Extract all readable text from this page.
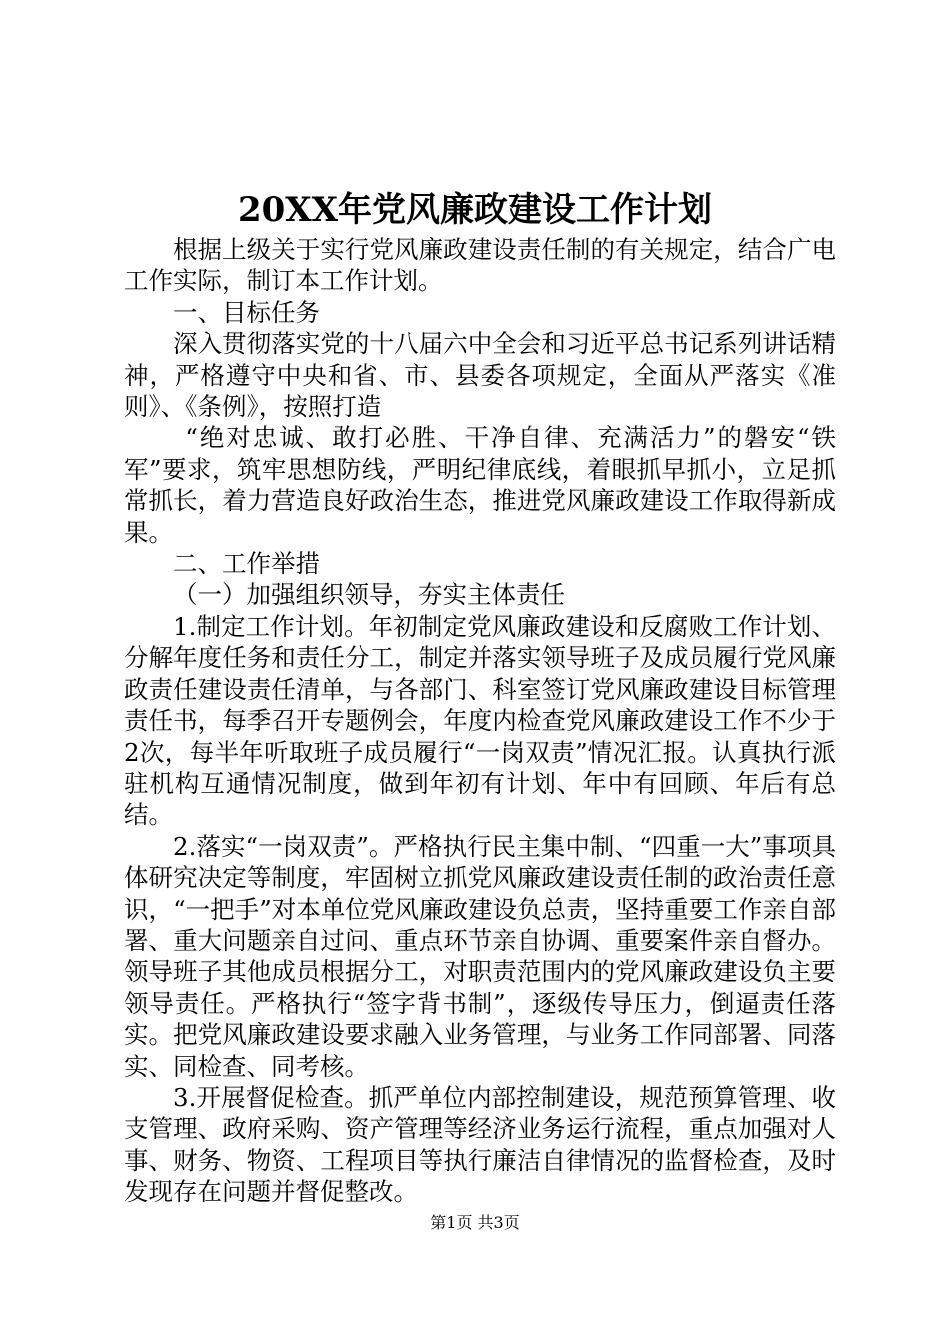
20XX年党风廉政建设工作计划

根据上级关于实行党风廉政建设责任制的有关规定，结合广电工作实际，制订本工作计划。

一、目标任务

深入贯彻落实党的十八届六中全会和习近平总书记系列讲话精神，严格遵守中央和省、市、县委各项规定，全面从严落实《准则》、《条例》，按照打造

“绝对忠诚、敢打必胜、干净自律、充满活力”的磐安“铁军”要求，筑牢思想防线，严明纪律底线，着眼抓早抓小，立足抓常抓长，着力营造良好政治生态，推进党风廉政建设工作取得新成果。

二、工作举措

（一）加强组织领导，夯实主体责任

1.制定工作计划。年初制定党风廉政建设和反腐败工作计划、分解年度任务和责任分工，制定并落实领导班子及成员履行党风廉政责任建设责任清单，与各部门、科室签订党风廉政建设目标管理责任书，每季召开专题例会，年度内检查党风廉政建设工作不少于2次，每半年听取班子成员履行“一岗双责”情况汇报。认真执行派驻机构互通情况制度，做到年初有计划、年中有回顾、年后有总结。

2.落实“一岗双责”。严格执行民主集中制、“四重一大”事项具体研究决定等制度，牢固树立抓党风廉政建设责任制的政治责任意识，“一把手”对本单位党风廉政建设负总责，坚持重要工作亲自部署、重大问题亲自过问、重点环节亲自协调、重要案件亲自督办。领导班子其他成员根据分工，对职责范围内的党风廉政建设负主要领导责任。严格执行“签字背书制”，逐级传导压力，倒逼责任落实。把党风廉政建设要求融入业务管理，与业务工作同部署、同落实、同检查、同考核。

3.开展督促检查。抓严单位内部控制建设，规范预算管理、收支管理、政府采购、资产管理等经济业务运行流程，重点加强对人事、财务、物资、工程项目等执行廉洁自律情况的监督检查，及时发现存在问题并督促整改。

第1页 共3页
